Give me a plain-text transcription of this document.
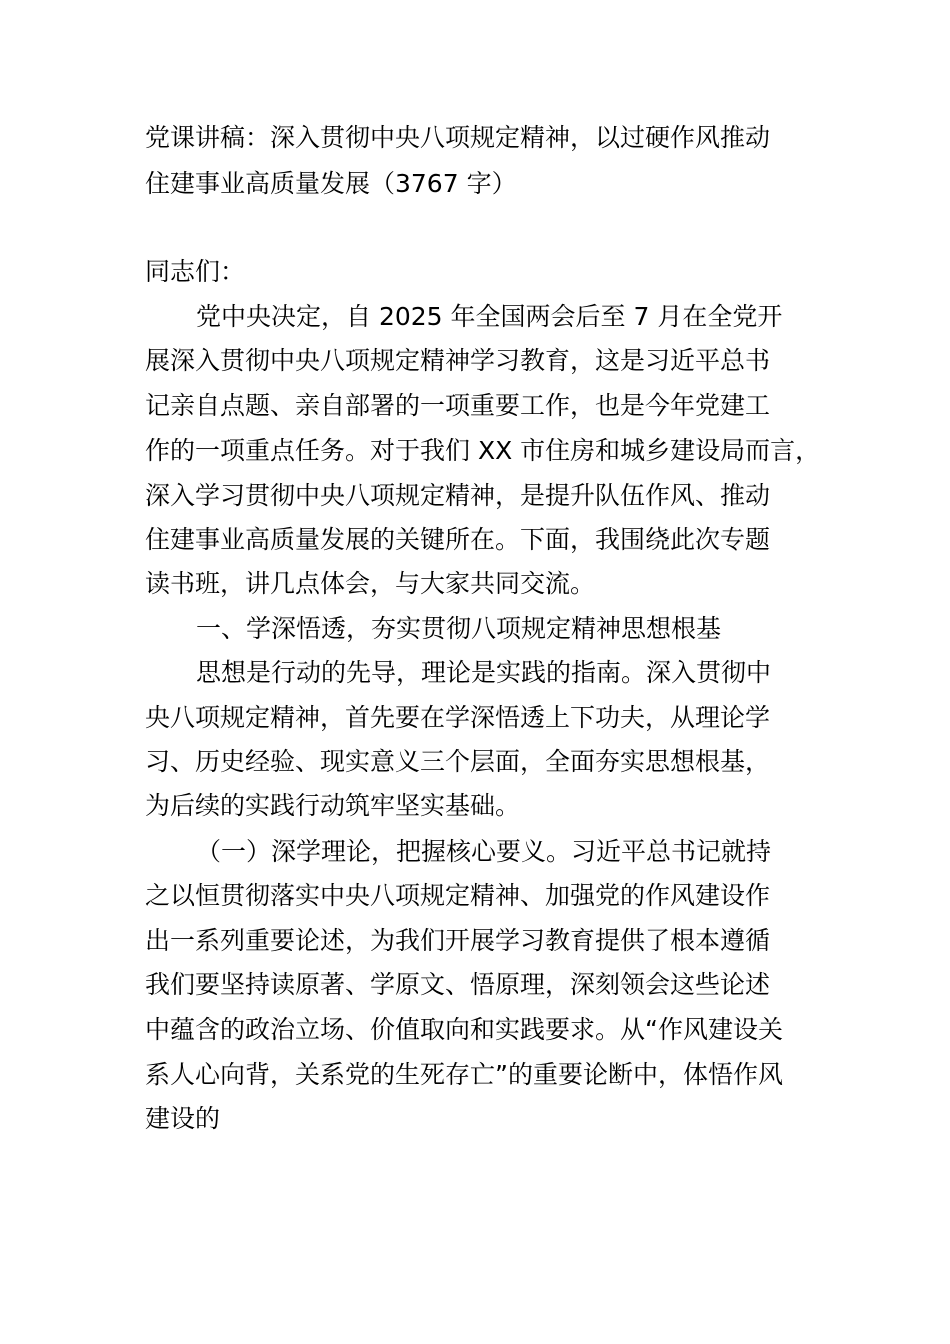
党课讲稿：深入贯彻中央八项规定精神，以过硬作风推动
住建事业高质量发展（3767 字）
同志们：
党中央决定，自 2025 年全国两会后至 7 月在全党开
展深入贯彻中央八项规定精神学习教育，这是习近平总书
记亲自点题、亲自部署的一项重要工作，也是今年党建工
作的一项重点任务。对于我们 XX 市住房和城乡建设局而言，
深入学习贯彻中央八项规定精神，是提升队伍作风、推动
住建事业高质量发展的关键所在。下面，我围绕此次专题
读书班，讲几点体会，与大家共同交流。
一、学深悟透，夯实贯彻八项规定精神思想根基
思想是行动的先导，理论是实践的指南。深入贯彻中
央八项规定精神，首先要在学深悟透上下功夫，从理论学
习、历史经验、现实意义三个层面，全面夯实思想根基，
为后续的实践行动筑牢坚实基础。
（一）深学理论，把握核心要义。习近平总书记就持
之以恒贯彻落实中央八项规定精神、加强党的作风建设作
出一系列重要论述，为我们开展学习教育提供了根本遵循
我们要坚持读原著、学原文、悟原理，深刻领会这些论述
中蕴含的政治立场、价值取向和实践要求。从“作风建设关
系人心向背，关系党的生死存亡”的重要论断中，体悟作风
建设的
